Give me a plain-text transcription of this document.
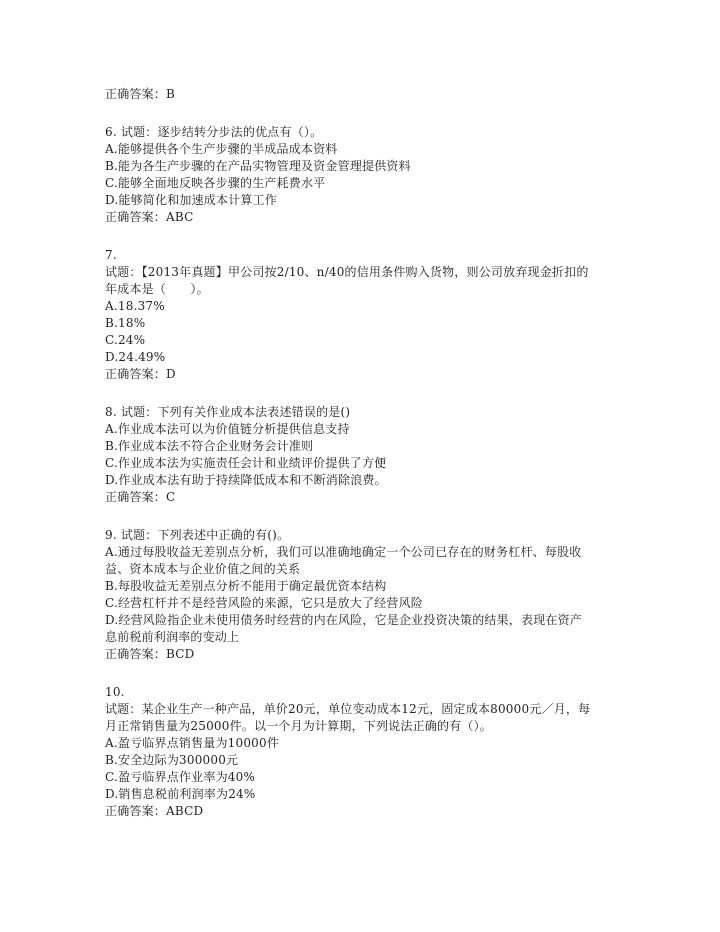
正确答案：B
6. 试题：逐步结转分步法的优点有（）。
A.能够提供各个生产步骤的半成品成本资料
B.能为各生产步骤的在产品实物管理及资金管理提供资料
C.能够全面地反映各步骤的生产耗费水平
D.能够简化和加速成本计算工作
正确答案：ABC
7.
试题：【2013年真题】甲公司按2/10、n/40的信用条件购入货物，则公司放弃现金折扣的
年成本是（　　）。
A.18.37%
B.18%
C.24%
D.24.49%
正确答案：D
8. 试题：下列有关作业成本法表述错误的是()
A.作业成本法可以为价值链分析提供信息支持
B.作业成本法不符合企业财务会计准则
C.作业成本法为实施责任会计和业绩评价提供了方便
D.作业成本法有助于持续降低成本和不断消除浪费。
正确答案：C
9. 试题：下列表述中正确的有()。
A.通过每股收益无差别点分析，我们可以准确地确定一个公司已存在的财务杠杆、每股收
益、资本成本与企业价值之间的关系
B.每股收益无差别点分析不能用于确定最优资本结构
C.经营杠杆并不是经营风险的来源，它只是放大了经营风险
D.经营风险指企业未使用债务时经营的内在风险，它是企业投资决策的结果，表现在资产
息前税前利润率的变动上
正确答案：BCD
10.
试题：某企业生产一种产品，单价20元，单位变动成本12元，固定成本80000元／月，每
月正常销售量为25000件。以一个月为计算期，下列说法正确的有（）。
A.盈亏临界点销售量为10000件
B.安全边际为300000元
C.盈亏临界点作业率为40%
D.销售息税前利润率为24%
正确答案：ABCD
